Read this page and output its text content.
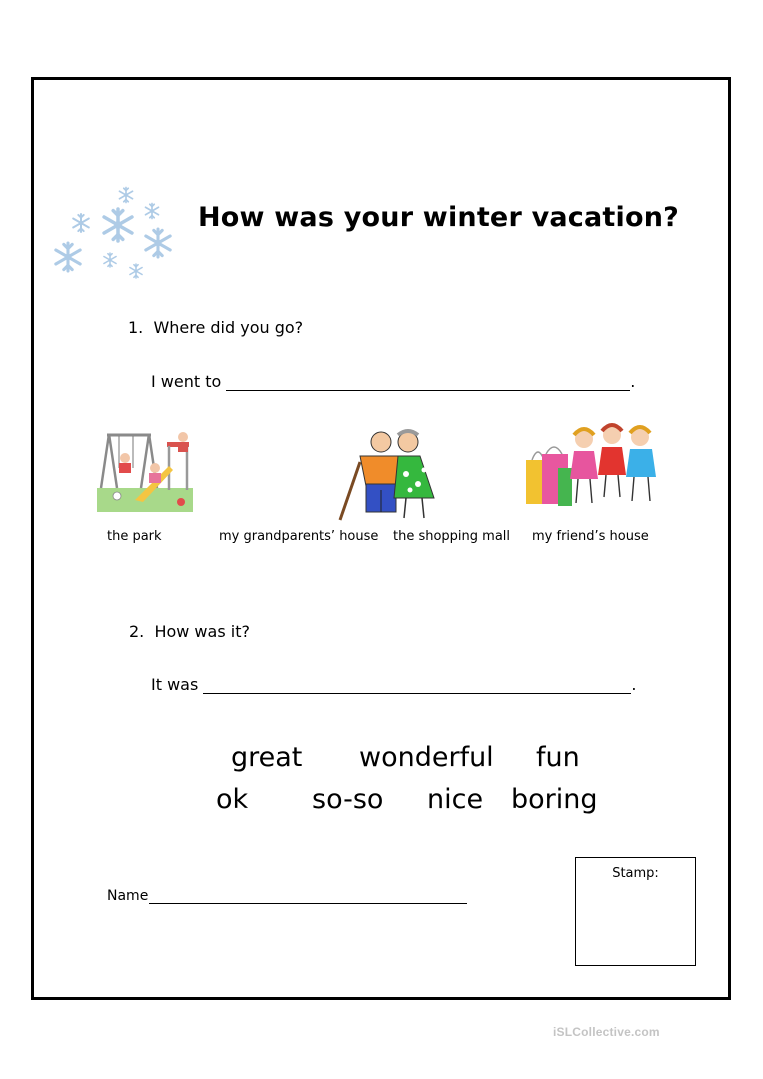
How was your winter vacation?
1. Where did you go?
I went to	.
the park	my grandparents’ house the shopping mall my friend’s house
2. How was it?
It was	.
great wonderful fun
ok so-so nice boring
Name
Stamp:
iSLCollective.com
